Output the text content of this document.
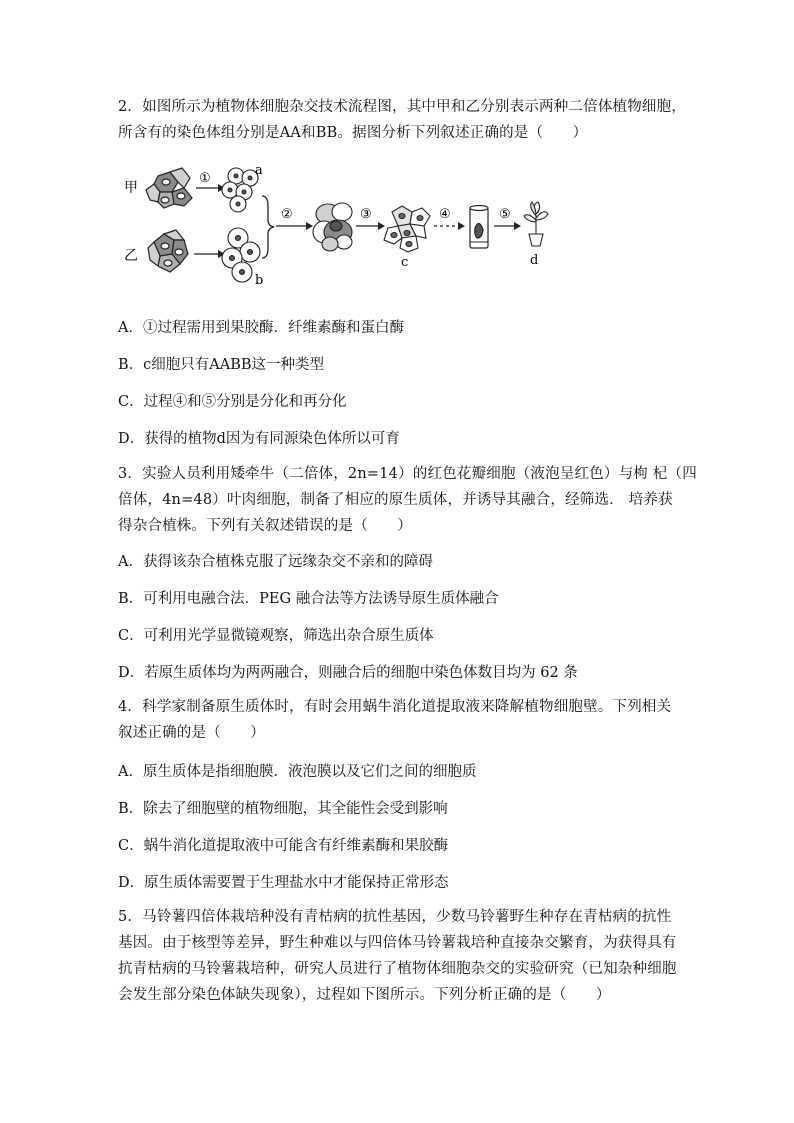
2．如图所示为植物体细胞杂交技术流程图，其中甲和乙分别表示两种二倍体植物细胞，
所含有的染色体组分别是AA和BB。据图分析下列叙述正确的是（　　）

甲
乙
①
a
b
②	③
c
④	⑤
d

A．①过程需用到果胶酶．纤维素酶和蛋白酶

B．c细胞只有AABB这一种类型

C．过程④和⑤分别是分化和再分化

D．获得的植物d因为有同源染色体所以可育

3．实验人员利用矮牵牛（二倍体，2n=14）的红色花瓣细胞（液泡呈红色）与枸 杞（四
倍体，4n=48）叶肉细胞，制备了相应的原生质体，并诱导其融合，经筛选． 培养获
得杂合植株。下列有关叙述错误的是（　　）

A．获得该杂合植株克服了远缘杂交不亲和的障碍

B．可利用电融合法．PEG 融合法等方法诱导原生质体融合

C．可利用光学显微镜观察，筛选出杂合原生质体

D．若原生质体均为两两融合，则融合后的细胞中染色体数目均为 62 条

4．科学家制备原生质体时，有时会用蜗牛消化道提取液来降解植物细胞壁。下列相关
叙述正确的是（　　）

A．原生质体是指细胞膜．液泡膜以及它们之间的细胞质

B．除去了细胞壁的植物细胞，其全能性会受到影响

C．蜗牛消化道提取液中可能含有纤维素酶和果胶酶

D．原生质体需要置于生理盐水中才能保持正常形态

5．马铃薯四倍体栽培种没有青枯病的抗性基因，少数马铃薯野生种存在青枯病的抗性
基因。由于核型等差异，野生种难以与四倍体马铃薯栽培种直接杂交繁育，为获得具有
抗青枯病的马铃薯栽培种，研究人员进行了植物体细胞杂交的实验研究（已知杂种细胞
会发生部分染色体缺失现象），过程如下图所示。下列分析正确的是（　　）
